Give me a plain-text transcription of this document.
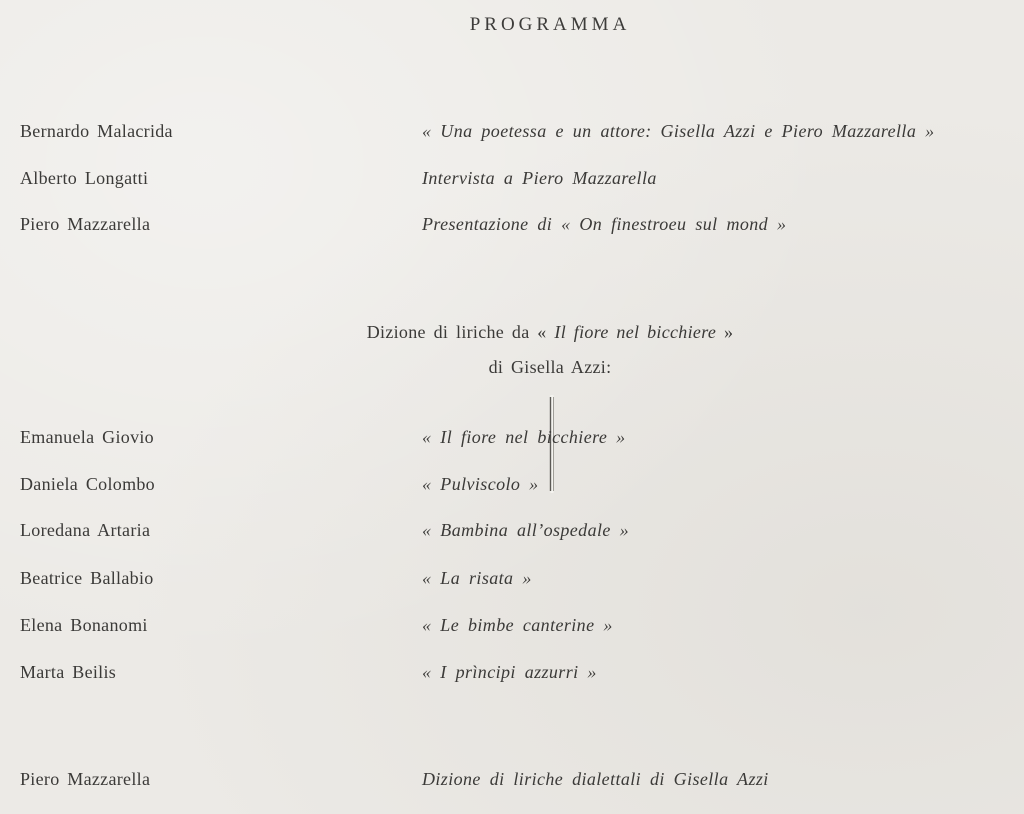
PROGRAMMA
Bernardo Malacrida	« Una poetessa e un attore: Gisella Azzi e Piero Mazzarella »
Alberto Longatti	Intervista a Piero Mazzarella
Piero Mazzarella	Presentazione di « On finestroeu sul mond »
Dizione di liriche da « Il fiore nel bicchiere »
di Gisella Azzi:
Emanuela Giovio	« Il fiore nel bicchiere »
Daniela Colombo	« Pulviscolo »
Loredana Artaria	« Bambina all’ospedale »
Beatrice Ballabio	« La risata »
Elena Bonanomi	« Le bimbe canterine »
Marta Beilis	« I prìncipi azzurri »
Piero Mazzarella	Dizione di liriche dialettali di Gisella Azzi
